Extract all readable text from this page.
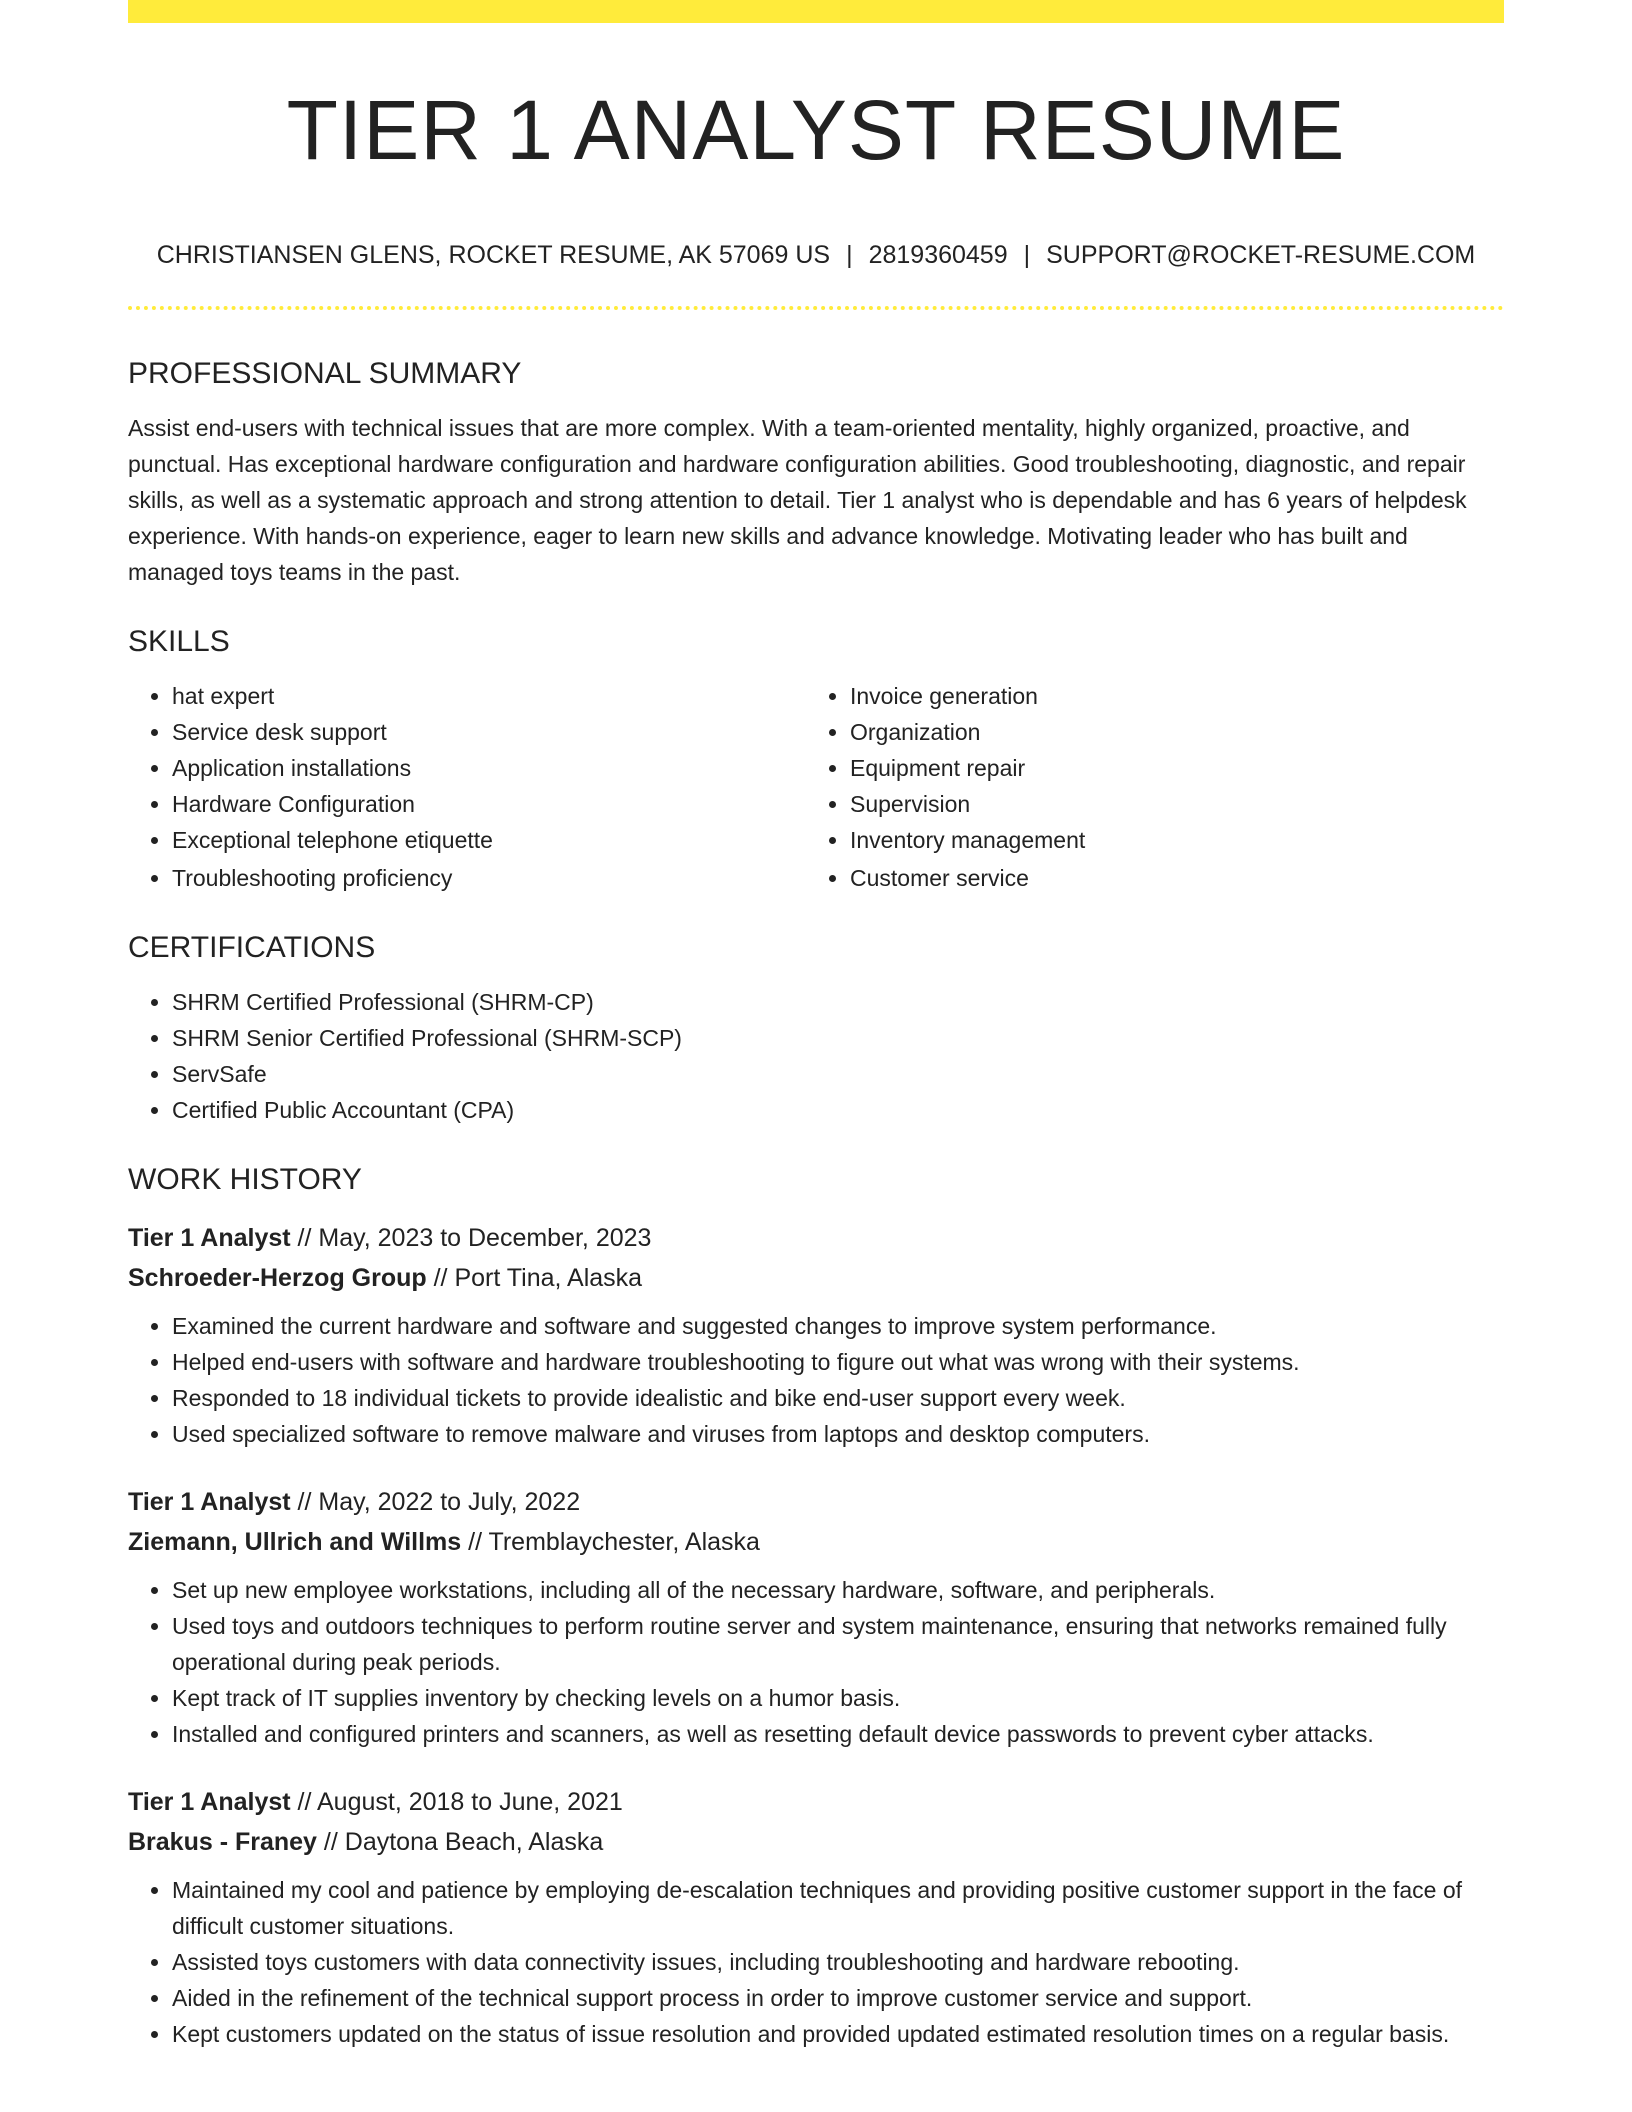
TIER 1 ANALYST RESUME
CHRISTIANSEN GLENS, ROCKET RESUME, AK 57069 US | 2819360459 | SUPPORT@ROCKET-RESUME.COM
PROFESSIONAL SUMMARY

Assist end-users with technical issues that are more complex. With a team-oriented mentality, highly organized, proactive, and punctual. Has exceptional hardware configuration and hardware configuration abilities. Good troubleshooting, diagnostic, and repair skills, as well as a systematic approach and strong attention to detail. Tier 1 analyst who is dependable and has 6 years of helpdesk experience. With hands-on experience, eager to learn new skills and advance knowledge. Motivating leader who has built and managed toys teams in the past.

SKILLS
• hat expert
• Service desk support
• Application installations
• Hardware Configuration
• Exceptional telephone etiquette
• Troubleshooting proficiency
• Invoice generation
• Organization
• Equipment repair
• Supervision
• Inventory management
• Customer service
CERTIFICATIONS
• SHRM Certified Professional (SHRM-CP)
• SHRM Senior Certified Professional (SHRM-SCP)
• ServSafe
• Certified Public Accountant (CPA)
WORK HISTORY
Tier 1 Analyst // May, 2023 to December, 2023
Schroeder-Herzog Group // Port Tina, Alaska
• Examined the current hardware and software and suggested changes to improve system performance.
• Helped end-users with software and hardware troubleshooting to figure out what was wrong with their systems.
• Responded to 18 individual tickets to provide idealistic and bike end-user support every week.
• Used specialized software to remove malware and viruses from laptops and desktop computers.
Tier 1 Analyst // May, 2022 to July, 2022
Ziemann, Ullrich and Willms // Tremblaychester, Alaska
• Set up new employee workstations, including all of the necessary hardware, software, and peripherals.
• Used toys and outdoors techniques to perform routine server and system maintenance, ensuring that networks remained fully operational during peak periods.
• Kept track of IT supplies inventory by checking levels on a humor basis.
• Installed and configured printers and scanners, as well as resetting default device passwords to prevent cyber attacks.
Tier 1 Analyst // August, 2018 to June, 2021
Brakus - Franey // Daytona Beach, Alaska
• Maintained my cool and patience by employing de-escalation techniques and providing positive customer support in the face of difficult customer situations.
• Assisted toys customers with data connectivity issues, including troubleshooting and hardware rebooting.
• Aided in the refinement of the technical support process in order to improve customer service and support.
• Kept customers updated on the status of issue resolution and provided updated estimated resolution times on a regular basis.
